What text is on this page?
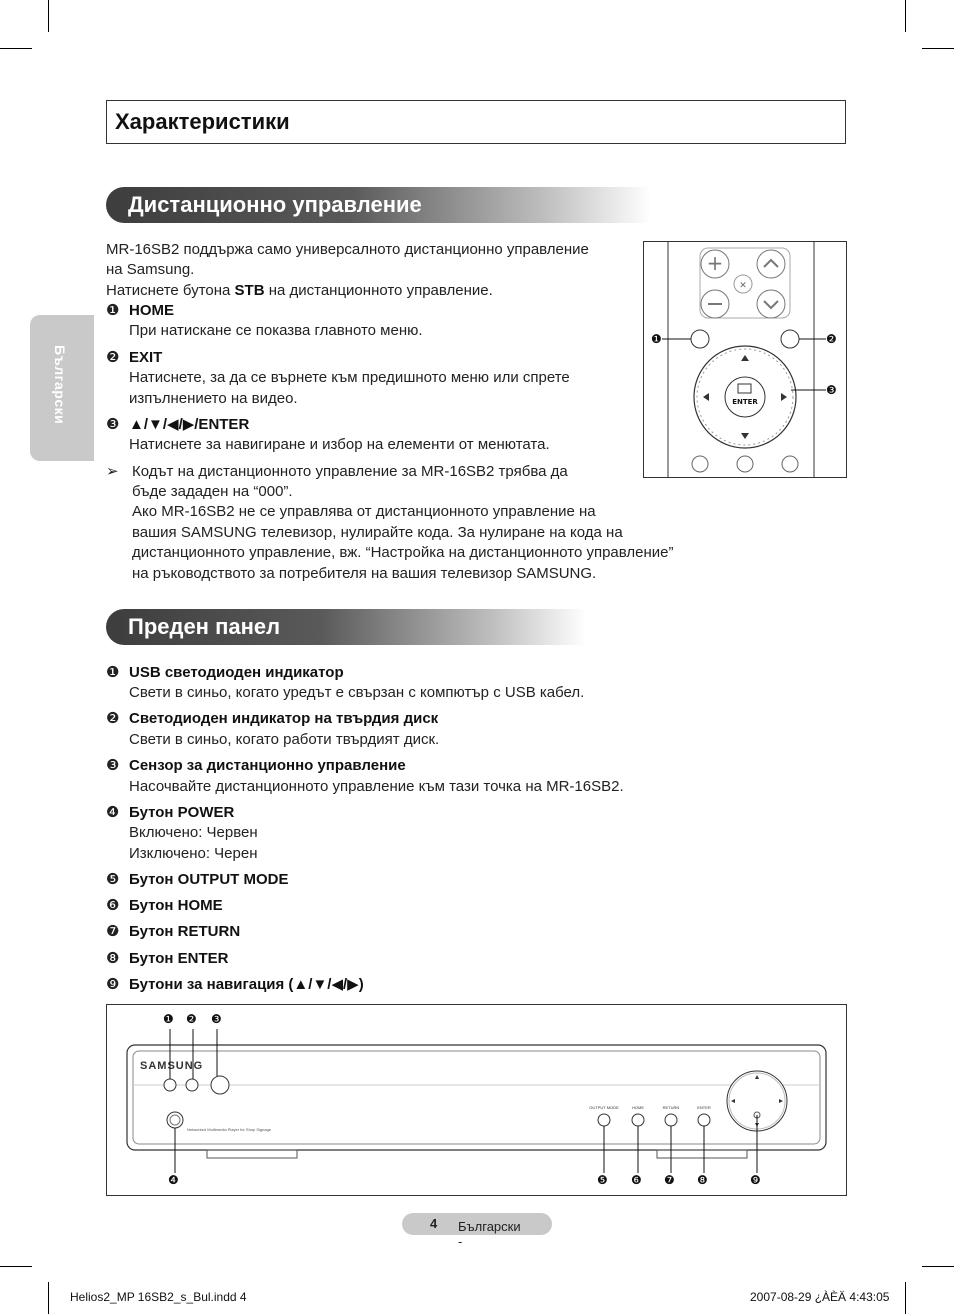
Характеристики
Български
Дистанционно управление
MR-16SB2 поддържа само универсалното дистанционно управление
на Samsung.
Натиснете бутона STB на дистанционното управление.
❶ HOME
При натискане се показва главното меню.
❷ EXIT
Натиснете, за да се върнете към предишното меню или спрете
изпълнението на видео.
❸ ▲/▼/◀/▶/ENTER
Натиснете за навигиране и избор на елементи от менютата.
➢ Кодът на дистанционното управление за MR-16SB2 трябва да
бъде зададен на “000”.
Ако MR-16SB2 не се управлява от дистанционното управление на
вашия SAMSUNG телевизор, нулирайте кода. За нулиране на кода на
дистанционното управление, вж. “Настройка на дистанционното управление”
на ръководството за потребителя на вашия телевизор SAMSUNG.
+
✕
ENTER
❶	❷
❸
Преден панел
❶ USB светодиоден индикатор
Свети в синьо, когато уредът е свързан с компютър с USB кабел.
❷ Светодиоден индикатор на твърдия диск
Свети в синьо, когато работи твърдият диск.
❸ Сензор за дистанционно управление
Насочвайте дистанционното управление към тази точка на MR-16SB2.
❹ Бутон POWER
Включено: Червен
Изключено: Черен
❺ Бутон OUTPUT MODE
❻ Бутон HOME
❼ Бутон RETURN
❽ Бутон ENTER
❾ Бутони за навигация (▲/▼/◀/▶)
SAMSUNG
Networked Multimedia Player for Shop Signage
OUTPUT MODE	HOME	RETURN	ENTER
❶ ❷ ❸
❹	❺ ❻ ❼ ❽	❾
Български -
4
Helios2_MP 16SB2_s_Bul.indd 4	2007-08-29 ¿ÀÈÄ 4:43:05
